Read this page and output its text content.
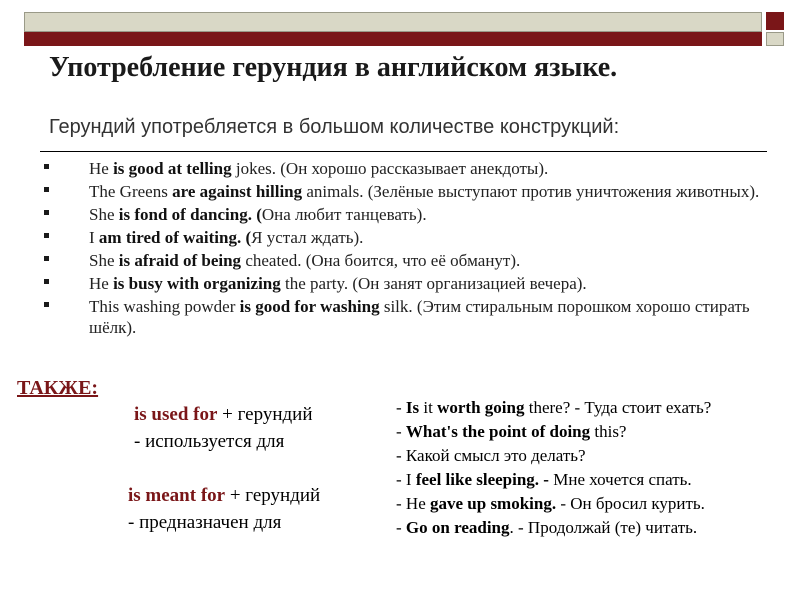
Употребление герундия в английском языке.
Герундий употребляется в большом количестве конструкций:
He is good at telling jokes. (Он хорошо рассказывает анекдоты).
The Greens are against hilling animals. (Зелёные выступают против уничтожения животных).
She is fond of dancing. (Она любит танцевать).
I am tired of waiting. (Я устал ждать).
She is afraid of being cheated. (Она боится, что её обманут).
He is busy with organizing the party. (Он занят организацией вечера).
This washing powder is good for washing silk. (Этим стиральным порошком хорошо стирать шёлк).
ТАКЖЕ:
is used for + герундий
- используется для
is meant for + герундий
- предназначен для
- Is it worth going there? - Туда стоит ехать?
- What's the point of doing this?
- Какой смысл это делать?
- I feel like sleeping. - Мне хочется спать.
- Не gave up smoking. - Он бросил курить.
- Go on reading. - Продолжай (те) читать.
